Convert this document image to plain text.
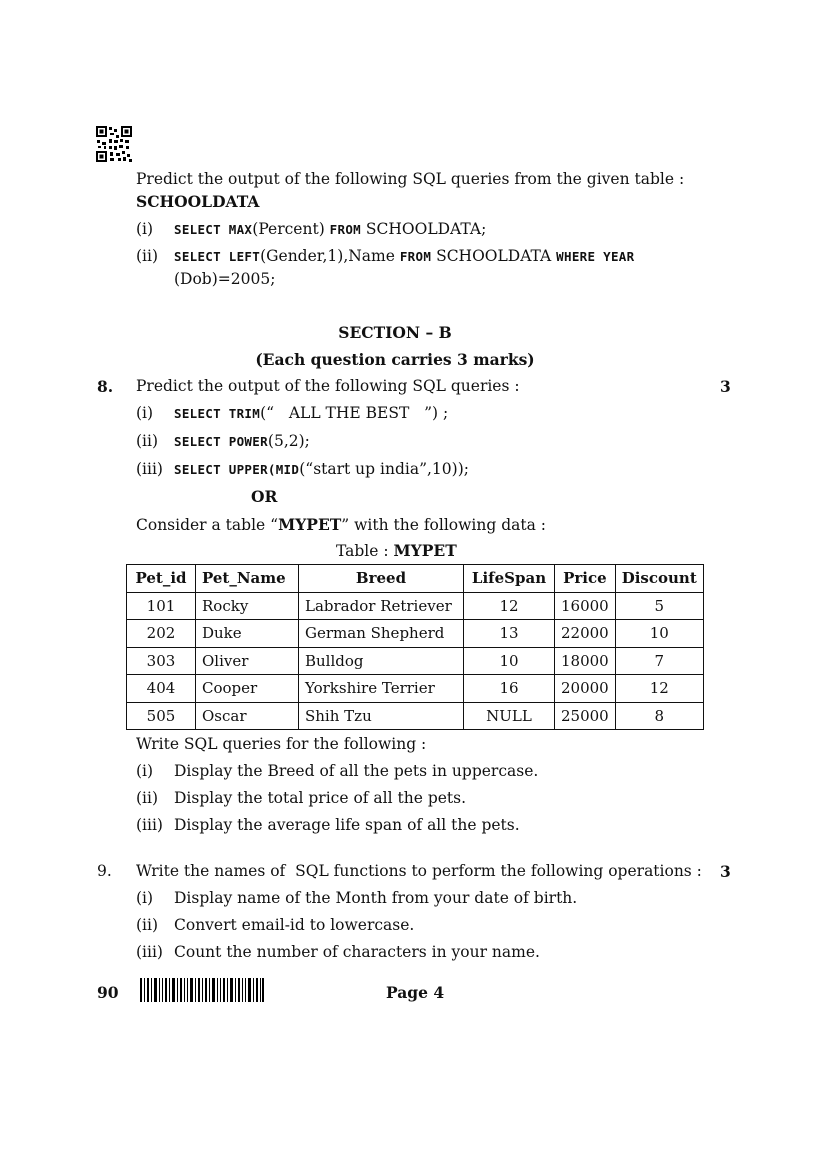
Predict the output of the following SQL queries from the given table :
SCHOOLDATA
(i) SELECT MAX(Percent) FROM SCHOOLDATA;
(ii) SELECT LEFT(Gender,1),Name FROM SCHOOLDATA WHERE YEAR
(Dob)=2005;
SECTION – B
(Each question carries 3 marks)
8. Predict the output of the following SQL queries :	3
(i) SELECT TRIM(“   ALL THE BEST   ”) ;
(ii) SELECT POWER(5,2);
(iii) SELECT UPPER(MID(“start up india”,10));
OR
Consider a table “MYPET” with the following data :
Table : MYPET
Pet_id	Pet_Name	Breed	LifeSpan	Price	Discount
101	Rocky	Labrador Retriever	12	16000	5
202	Duke	German Shepherd	13	22000	10
303	Oliver	Bulldog	10	18000	7
404	Cooper	Yorkshire Terrier	16	20000	12
505	Oscar	Shih Tzu	NULL	25000	8
Write SQL queries for the following :
(i) Display the Breed of all the pets in uppercase.
(ii) Display the total price of all the pets.
(iii) Display the average life span of all the pets.
9. Write the names of  SQL functions to perform the following operations : 3
(i) Display name of the Month from your date of birth.
(ii) Convert email-id to lowercase.
(iii) Count the number of characters in your name.
90	Page 4
